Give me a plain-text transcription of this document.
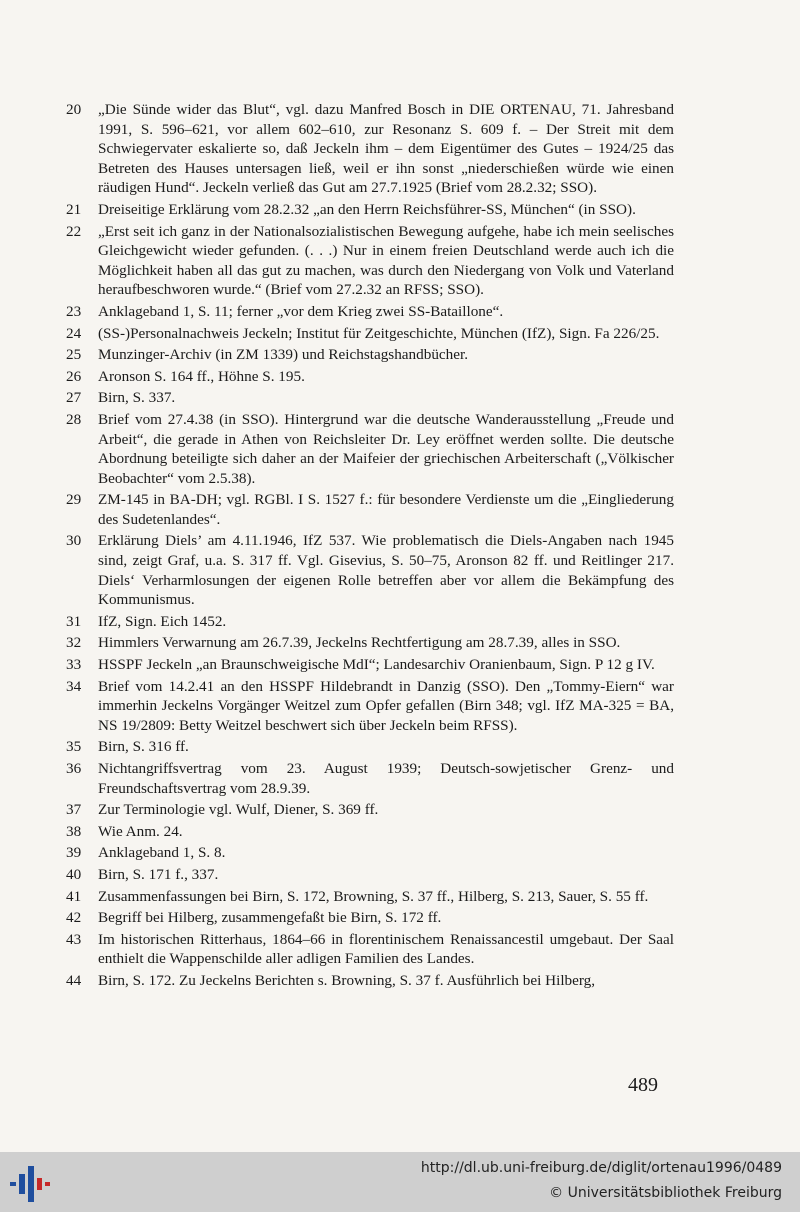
20 „Die Sünde wider das Blut“, vgl. dazu Manfred Bosch in DIE ORTENAU, 71. Jahresband 1991, S. 596–621, vor allem 602–610, zur Resonanz S. 609 f. – Der Streit mit dem Schwiegervater eskalierte so, daß Jeckeln ihm – dem Eigentümer des Gutes – 1924/25 das Betreten des Hauses untersagen ließ, weil er ihn sonst „niederschießen würde wie einen räudigen Hund“. Jeckeln verließ das Gut am 27.7.1925 (Brief vom 28.2.32; SSO).
21 Dreiseitige Erklärung vom 28.2.32 „an den Herrn Reichsführer-SS, München“ (in SSO).
22 „Erst seit ich ganz in der Nationalsozialistischen Bewegung aufgehe, habe ich mein seelisches Gleichgewicht wieder gefunden. (. . .) Nur in einem freien Deutschland werde auch ich die Möglichkeit haben all das gut zu machen, was durch den Niedergang von Volk und Vaterland heraufbeschworen wurde.“ (Brief vom 27.2.32 an RFSS; SSO).
23 Anklageband 1, S. 11; ferner „vor dem Krieg zwei SS-Bataillone“.
24 (SS-)Personalnachweis Jeckeln; Institut für Zeitgeschichte, München (IfZ), Sign. Fa 226/25.
25 Munzinger-Archiv (in ZM 1339) und Reichstagshandbücher.
26 Aronson S. 164 ff., Höhne S. 195.
27 Birn, S. 337.
28 Brief vom 27.4.38 (in SSO). Hintergrund war die deutsche Wanderausstellung „Freude und Arbeit“, die gerade in Athen von Reichsleiter Dr. Ley eröffnet werden sollte. Die deutsche Abordnung beteiligte sich daher an der Maifeier der griechischen Arbeiterschaft („Völkischer Beobachter“ vom 2.5.38).
29 ZM-145 in BA-DH; vgl. RGBl. I S. 1527 f.: für besondere Verdienste um die „Eingliederung des Sudetenlandes“.
30 Erklärung Diels’ am 4.11.1946, IfZ 537. Wie problematisch die Diels-Angaben nach 1945 sind, zeigt Graf, u.a. S. 317 ff. Vgl. Gisevius, S. 50–75, Aronson 82 ff. und Reitlinger 217. Diels‘ Verharmlosungen der eigenen Rolle betreffen aber vor allem die Bekämpfung des Kommunismus.
31 IfZ, Sign. Eich 1452.
32 Himmlers Verwarnung am 26.7.39, Jeckelns Rechtfertigung am 28.7.39, alles in SSO.
33 HSSPF Jeckeln „an Braunschweigische MdI“; Landesarchiv Oranienbaum, Sign. P 12 g IV.
34 Brief vom 14.2.41 an den HSSPF Hildebrandt in Danzig (SSO). Den „Tommy-Eiern“ war immerhin Jeckelns Vorgänger Weitzel zum Opfer gefallen (Birn 348; vgl. IfZ MA-325 = BA, NS 19/2809: Betty Weitzel beschwert sich über Jeckeln beim RFSS).
35 Birn, S. 316 ff.
36 Nichtangriffsvertrag vom 23. August 1939; Deutsch-sowjetischer Grenz- und Freundschaftsvertrag vom 28.9.39.
37 Zur Terminologie vgl. Wulf, Diener, S. 369 ff.
38 Wie Anm. 24.
39 Anklageband 1, S. 8.
40 Birn, S. 171 f., 337.
41 Zusammenfassungen bei Birn, S. 172, Browning, S. 37 ff., Hilberg, S. 213, Sauer, S. 55 ff.
42 Begriff bei Hilberg, zusammengefaßt bie Birn, S. 172 ff.
43 Im historischen Ritterhaus, 1864–66 in florentinischem Renaissancestil umgebaut. Der Saal enthielt die Wappenschilde aller adligen Familien des Landes.
44 Birn, S. 172. Zu Jeckelns Berichten s. Browning, S. 37 f. Ausführlich bei Hilberg,
489
http://dl.ub.uni-freiburg.de/diglit/ortenau1996/0489
© Universitätsbibliothek Freiburg
